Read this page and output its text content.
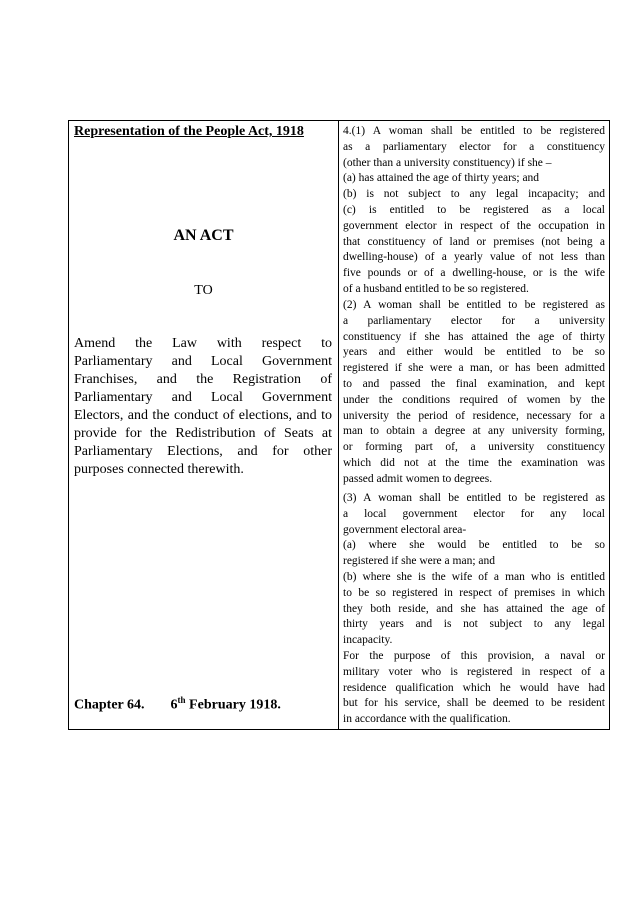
Representation of the People Act, 1918
AN ACT
TO

Amend the Law with respect to Parliamentary and Local Government Franchises, and the Registration of Parliamentary and Local Government Electors, and the conduct of elections, and to provide for the Redistribution of Seats at Parliamentary Elections, and for other purposes connected therewith.

Chapter 64. 6th February 1918.
4.(1) A woman shall be entitled to be registered
as a parliamentary elector for a constituency
(other than a university constituency) if she –
(a) has attained the age of thirty years; and
(b) is not subject to any legal incapacity; and
(c) is entitled to be registered as a local
government elector in respect of the occupation in
that constituency of land or premises (not being a
dwelling-house) of a yearly value of not less than
five pounds or of a dwelling-house, or is the wife
of a husband entitled to be so registered.
(2) A woman shall be entitled to be registered as
a parliamentary elector for a university
constituency if she has attained the age of thirty
years and either would be entitled to be so
registered if she were a man, or has been admitted
to and passed the final examination, and kept
under the conditions required of women by the
university the period of residence, necessary for a
man to obtain a degree at any university forming,
or forming part of, a university constituency
which did not at the time the examination was
passed admit women to degrees.
(3) A woman shall be entitled to be registered as
a local government elector for any local
government electoral area-
(a) where she would be entitled to be so
registered if she were a man; and
(b) where she is the wife of a man who is entitled
to be so registered in respect of premises in which
they both reside, and she has attained the age of
thirty years and is not subject to any legal
incapacity.
For the purpose of this provision, a naval or
military voter who is registered in respect of a
residence qualification which he would have had
but for his service, shall be deemed to be resident
in accordance with the qualification.
